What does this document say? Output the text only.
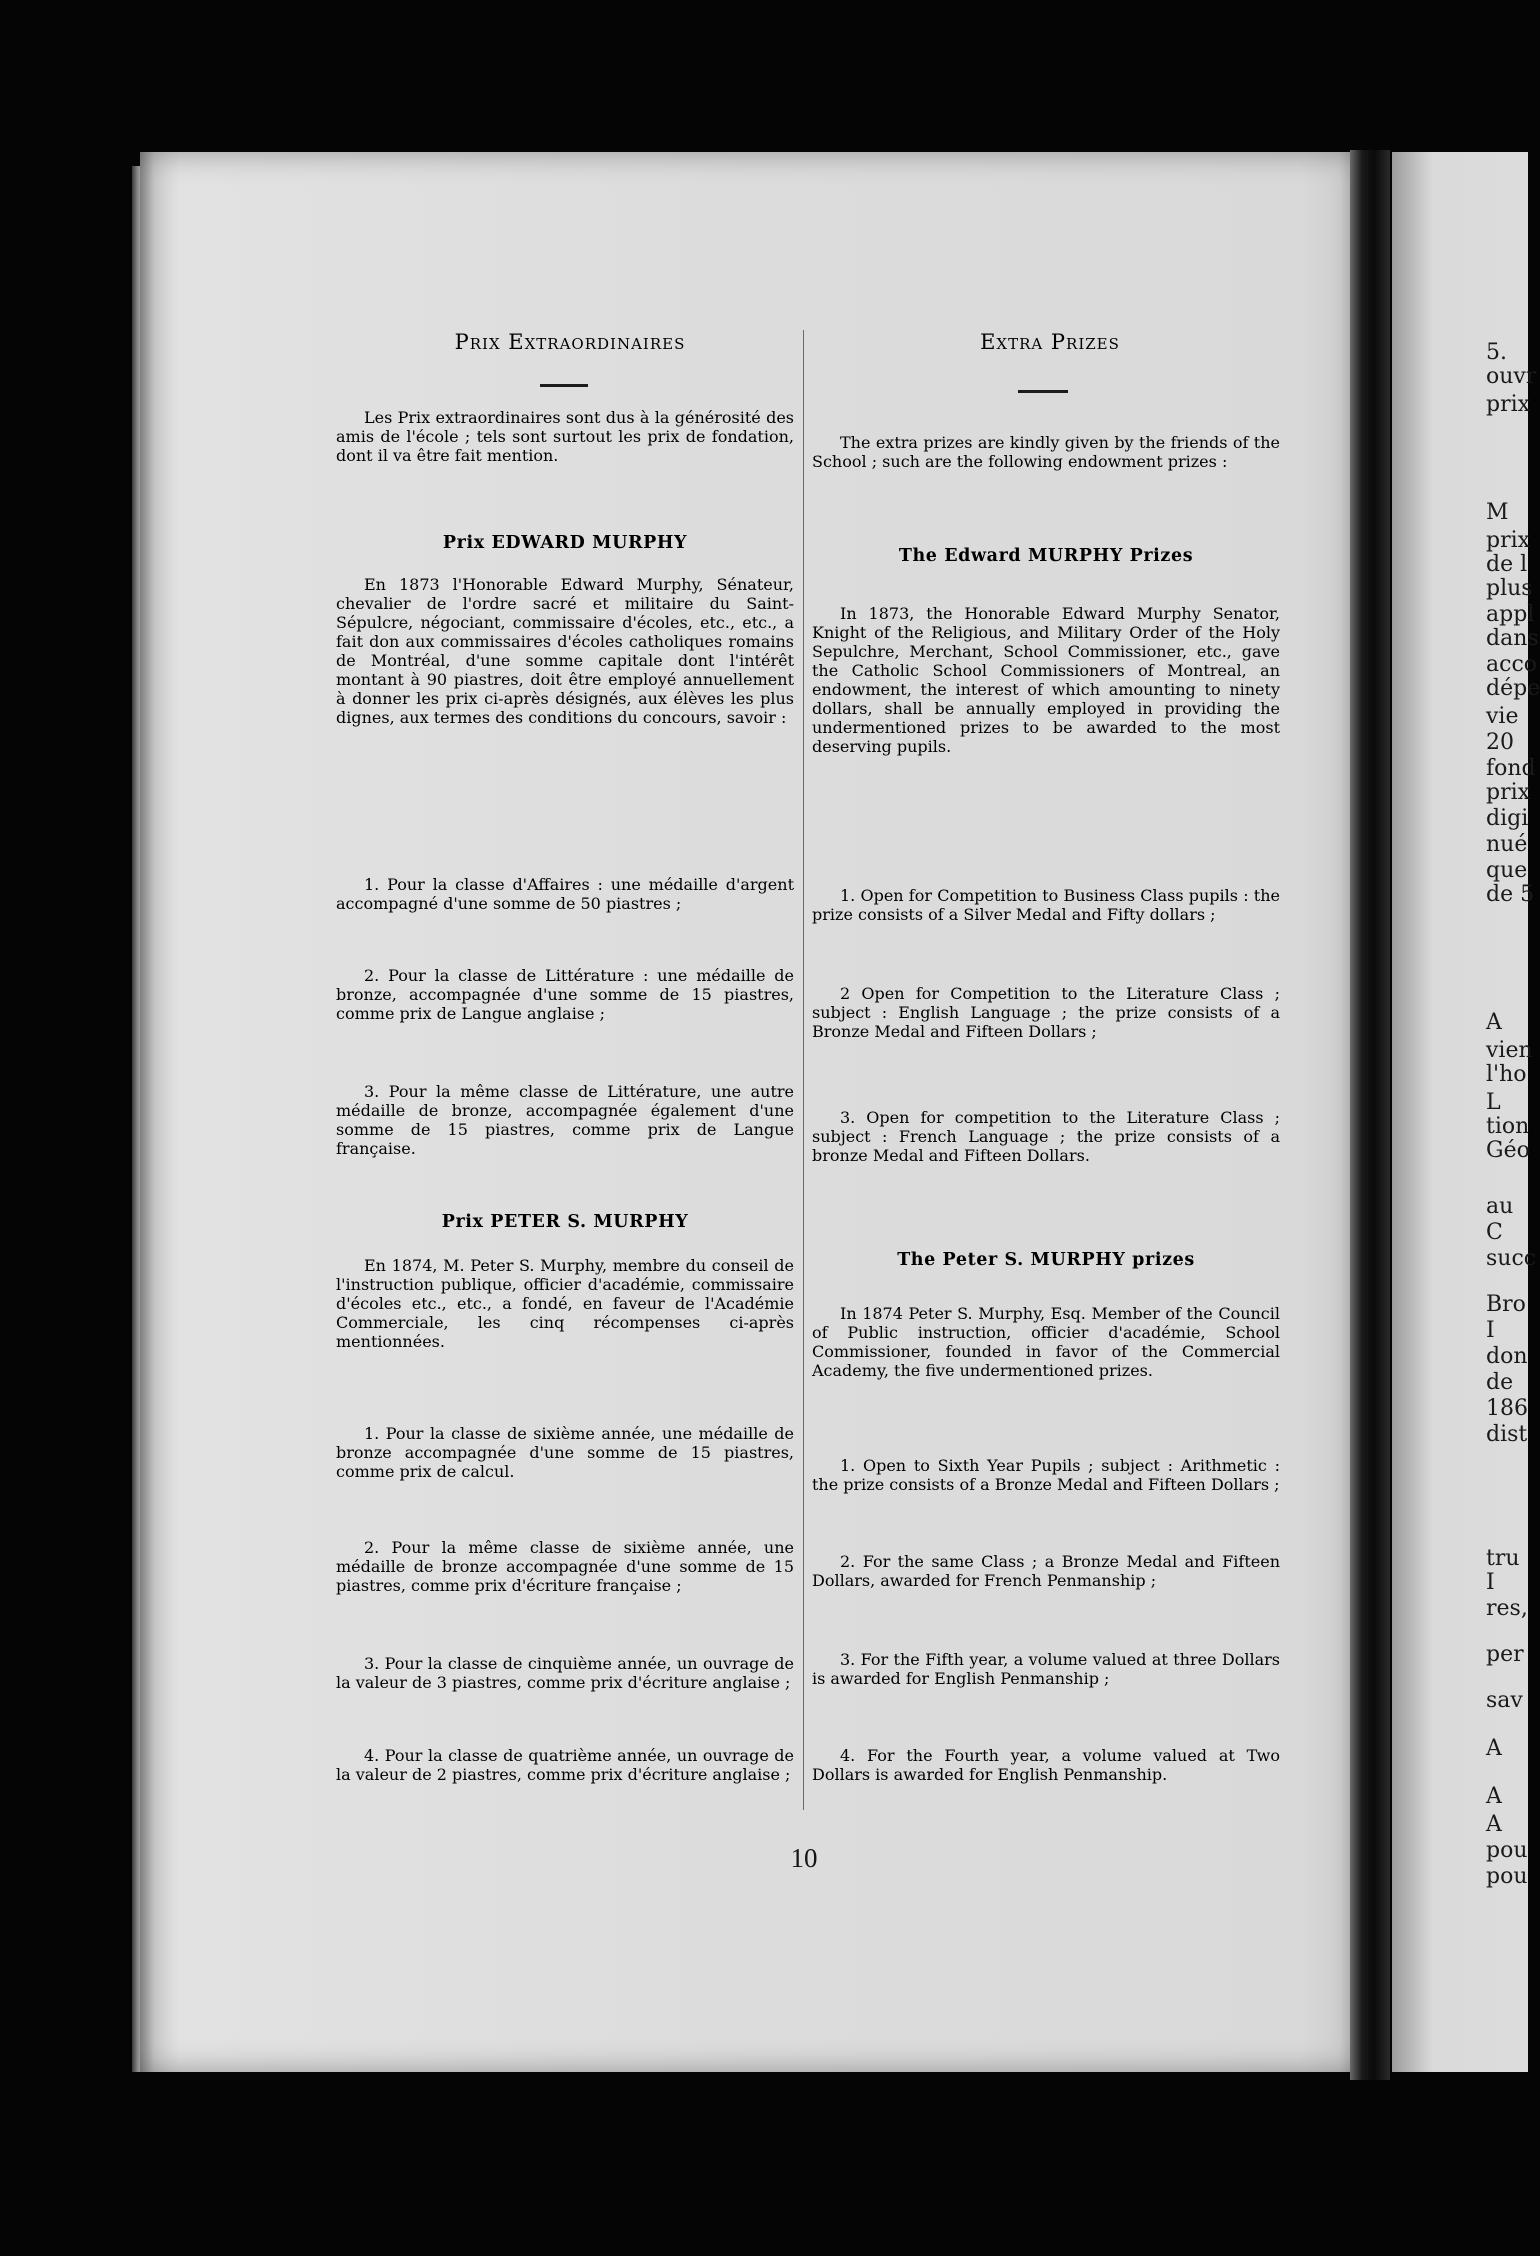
5.
ouvr
prix
M
prix
de l
plus
appl
dans
acco
dépe
vie
20
fond
prix
digi
nué
que
de 5
A
vien
l'ho
L
tion
Géo
au
C
succ
Bro
I
don
de
186
dist
tru
I
res,
per
sav
A
A
A
pou
pou
Prix Extraordinaires

Les Prix extraordinaires sont dus à la générosité des amis de l'école ; tels sont surtout les prix de fondation, dont il va être fait mention.

Prix EDWARD MURPHY

En 1873 l'Honorable Edward Murphy, Sénateur, chevalier de l'ordre sacré et militaire du Saint-Sépulcre, négociant, commissaire d'écoles, etc., etc., a fait don aux commissaires d'écoles catholiques romains de Montréal, d'une somme capitale dont l'intérêt montant à 90 piastres, doit être employé annuellement à donner les prix ci-après désignés, aux élèves les plus dignes, aux termes des conditions du concours, savoir :

1. Pour la classe d'Affaires : une médaille d'argent accompagné d'une somme de 50 piastres ;

2. Pour la classe de Littérature : une médaille de bronze, accompagnée d'une somme de 15 piastres, comme prix de Langue anglaise ;

3. Pour la même classe de Littérature, une autre médaille de bronze, accompagnée également d'une somme de 15 piastres, comme prix de Langue française.

Prix PETER S. MURPHY

En 1874, M. Peter S. Murphy, membre du conseil de l'instruction publique, officier d'académie, commissaire d'écoles etc., etc., a fondé, en faveur de l'Académie Commerciale, les cinq récompenses ci-après mentionnées.

1. Pour la classe de sixième année, une médaille de bronze accompagnée d'une somme de 15 piastres, comme prix de calcul.

2. Pour la même classe de sixième année, une médaille de bronze accompagnée d'une somme de 15 piastres, comme prix d'écriture française ;

3. Pour la classe de cinquième année, un ouvrage de la valeur de 3 piastres, comme prix d'écriture anglaise ;

4. Pour la classe de quatrième année, un ouvrage de la valeur de 2 piastres, comme prix d'écriture anglaise ;

Extra Prizes

The extra prizes are kindly given by the friends of the School ; such are the following endowment prizes :

The Edward MURPHY Prizes

In 1873, the Honorable Edward Murphy Senator, Knight of the Religious, and Military Order of the Holy Sepulchre, Merchant, School Commissioner, etc., gave the Catholic School Commissioners of Montreal, an endowment, the interest of which amounting to ninety dollars, shall be annually employed in providing the undermentioned prizes to be awarded to the most deserving pupils.

1. Open for Competition to Business Class pupils : the prize consists of a Silver Medal and Fifty dollars ;

2 Open for Competition to the Literature Class ; subject : English Language ; the prize consists of a Bronze Medal and Fifteen Dollars ;

3. Open for competition to the Literature Class ; subject : French Language ; the prize consists of a bronze Medal and Fifteen Dollars.

The Peter S. MURPHY prizes

In 1874 Peter S. Murphy, Esq. Member of the Council of Public instruction, officier d'académie, School Commissioner, founded in favor of the Commercial Academy, the five undermentioned prizes.

1. Open to Sixth Year Pupils ; subject : Arithmetic : the prize consists of a Bronze Medal and Fifteen Dollars ;

2. For the same Class ; a Bronze Medal and Fifteen Dollars, awarded for French Penmanship ;

3. For the Fifth year, a volume valued at three Dollars is awarded for English Penmanship ;

4. For the Fourth year, a volume valued at Two Dollars is awarded for English Penmanship.

10
